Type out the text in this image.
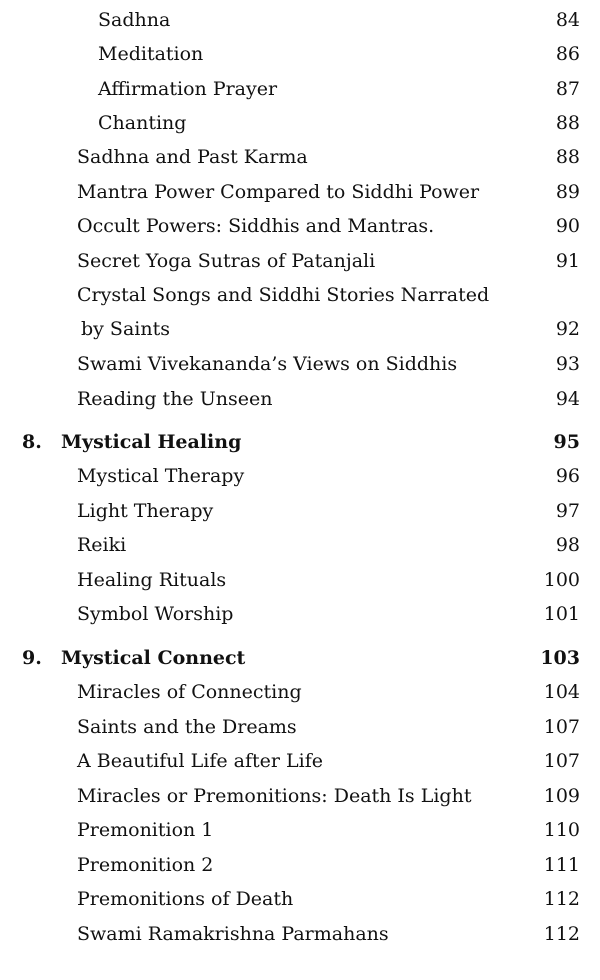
Sadhna	84
Meditation	86
Affirmation Prayer	87
Chanting	88
Sadhna and Past Karma	88
Mantra Power Compared to Siddhi Power	89
Occult Powers: Siddhis and Mantras.	90
Secret Yoga Sutras of Patanjali	91
Crystal Songs and Siddhi Stories Narrated
by Saints	92
Swami Vivekananda’s Views on Siddhis	93
Reading the Unseen	94
8. Mystical Healing	95
Mystical Therapy	96
Light Therapy	97
Reiki	98
Healing Rituals	100
Symbol Worship	101
9. Mystical Connect	103
Miracles of Connecting	104
Saints and the Dreams	107
A Beautiful Life after Life	107
Miracles or Premonitions: Death Is Light	109
Premonition 1	110
Premonition 2	111
Premonitions of Death	112
Swami Ramakrishna Parmahans	112
